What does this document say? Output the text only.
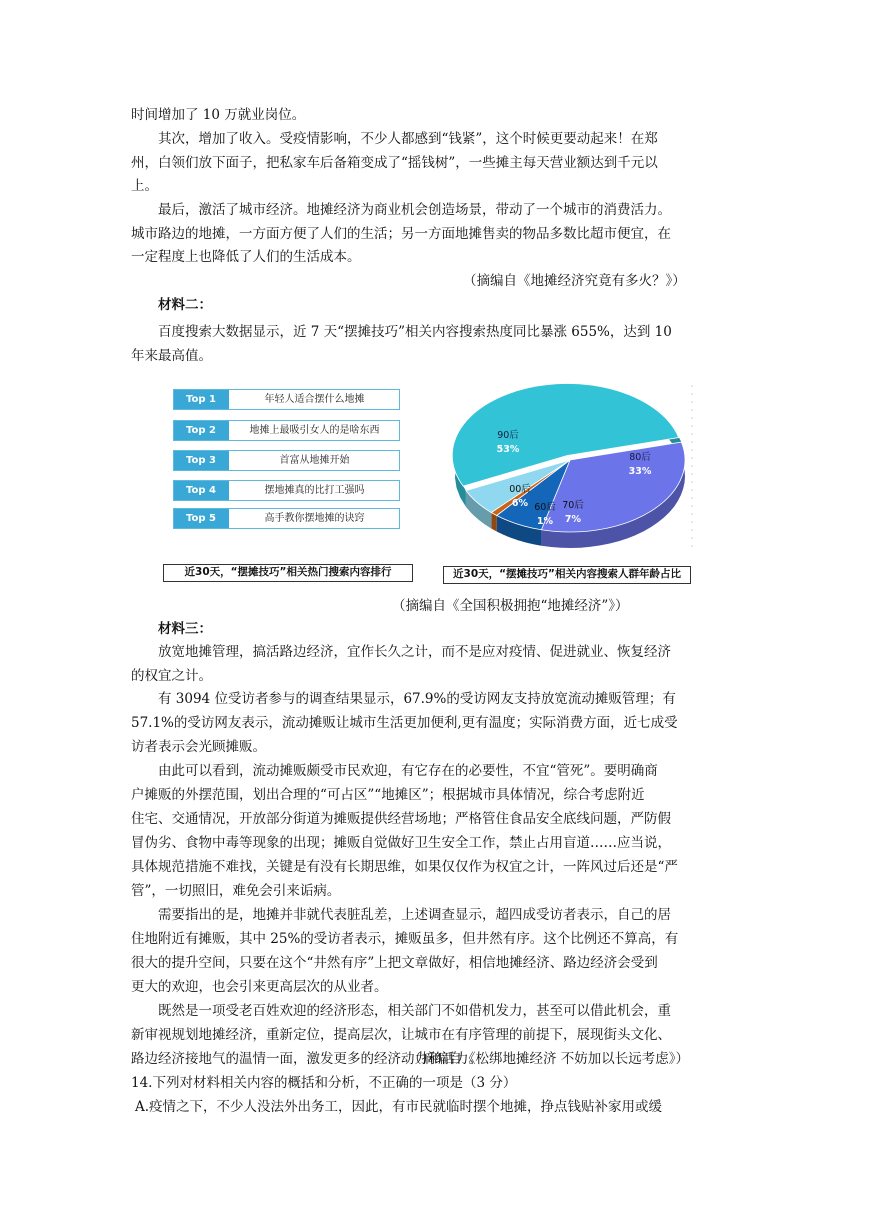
时间增加了 10 万就业岗位。
其次，增加了收入。受疫情影响，不少人都感到“钱紧”，这个时候更要动起来！在郑
州，白领们放下面子，把私家车后备箱变成了“摇钱树”，一些摊主每天营业额达到千元以
上。
最后，激活了城市经济。地摊经济为商业机会创造场景，带动了一个城市的消费活力。
城市路边的地摊，一方面方便了人们的生活；另一方面地摊售卖的物品多数比超市便宜，在
一定程度上也降低了人们的生活成本。
（摘编自《地摊经济究竟有多火？》）
材料二：
百度搜索大数据显示，近 7 天“摆摊技巧”相关内容搜索热度同比暴涨 655%，达到 10
年来最高值。
Top 1	年轻人适合摆什么地摊
Top 2	地摊上最吸引女人的是啥东西
Top 3	首富从地摊开始
Top 4	摆地摊真的比打工强吗
Top 5	高手教你摆地摊的诀窍
90后
53%
80后
33%
70后
7%
60后
1%
00后
6%
近30天，“摆摊技巧”相关热门搜索内容排行	近30天，“摆摊技巧”相关内容搜索人群年龄占比
（摘编自《全国积极拥抱“地摊经济”》）
材料三：
放宽地摊管理，搞活路边经济，宜作长久之计，而不是应对疫情、促进就业、恢复经济
的权宜之计。
有 3094 位受访者参与的调查结果显示，67.9%的受访网友支持放宽流动摊贩管理；有
57.1%的受访网友表示，流动摊贩让城市生活更加便利,更有温度；实际消费方面，近七成受
访者表示会光顾摊贩。
由此可以看到，流动摊贩颇受市民欢迎，有它存在的必要性，不宜“管死”。要明确商
户摊贩的外摆范围，划出合理的“可占区”“地摊区”；根据城市具体情况，综合考虑附近
住宅、交通情况，开放部分街道为摊贩提供经营场地；严格管住食品安全底线问题，严防假
冒伪劣、食物中毒等现象的出现；摊贩自觉做好卫生安全工作，禁止占用盲道……应当说，
具体规范措施不难找，关键是有没有长期思维，如果仅仅作为权宜之计，一阵风过后还是“严
管”，一切照旧，难免会引来诟病。
需要指出的是，地摊并非就代表脏乱差，上述调查显示，超四成受访者表示，自己的居
住地附近有摊贩，其中 25%的受访者表示，摊贩虽多，但井然有序。这个比例还不算高，有
很大的提升空间，只要在这个“井然有序”上把文章做好，相信地摊经济、路边经济会受到
更大的欢迎，也会引来更高层次的从业者。
既然是一项受老百姓欢迎的经济形态，相关部门不如借机发力，甚至可以借此机会，重
新审视规划地摊经济，重新定位，提高层次，让城市在有序管理的前提下，展现街头文化、
路边经济接地气的温情一面，激发更多的经济动力和活力。
（摘编自《松绑地摊经济 不妨加以长远考虑》）
14.下列对材料相关内容的概括和分析，不正确的一项是（3 分）
A.疫情之下，不少人没法外出务工，因此，有市民就临时摆个地摊，挣点钱贴补家用或缓
